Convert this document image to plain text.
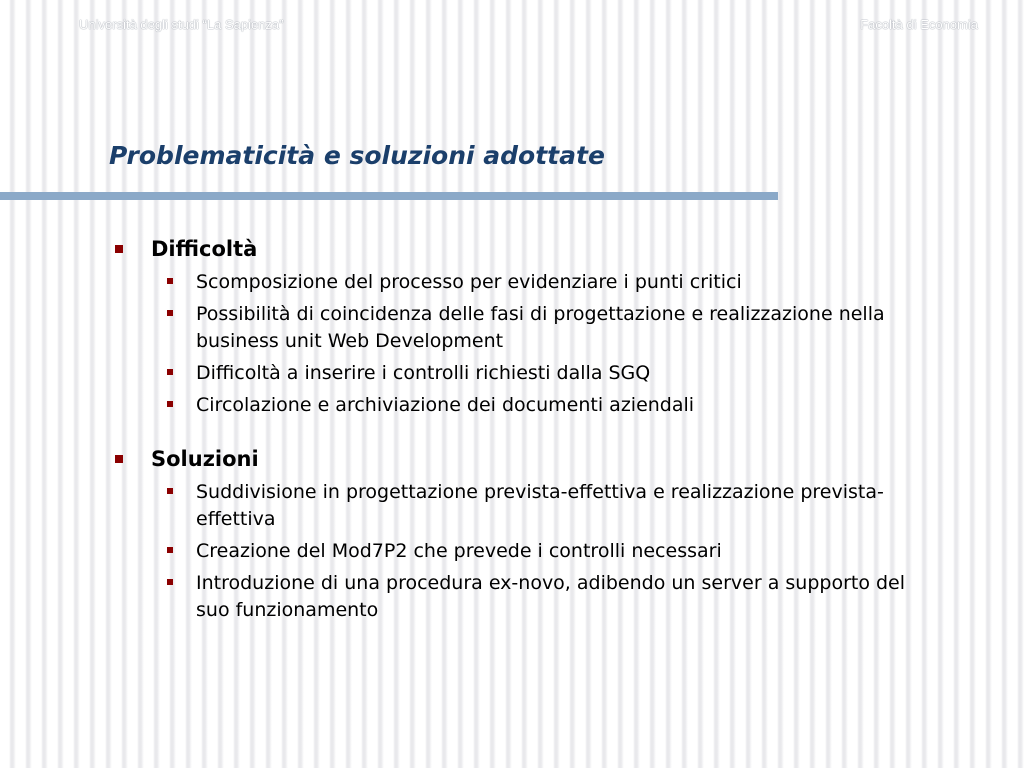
Università degli studi “La Sapienza”	Facoltà di Economia
Problematicità e soluzioni adottate
Difficoltà
Scomposizione del processo per evidenziare i punti critici
Possibilità di coincidenza delle fasi di progettazione e realizzazione nella business unit Web Development
Difficoltà a inserire i controlli richiesti dalla SGQ
Circolazione e archiviazione dei documenti aziendali
Soluzioni
Suddivisione in progettazione prevista-effettiva e realizzazione prevista-effettiva
Creazione del Mod7P2 che prevede i controlli necessari
Introduzione di una procedura ex-novo, adibendo un server a supporto del suo funzionamento
